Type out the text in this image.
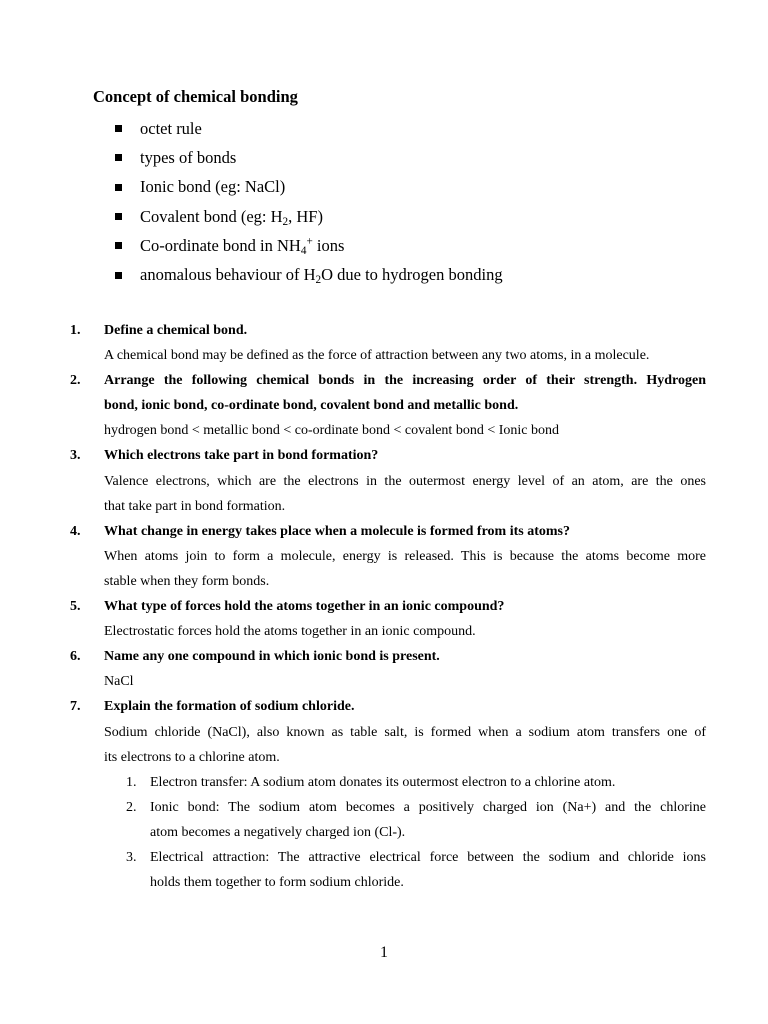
Concept of chemical bonding
octet rule
types of bonds
Ionic bond (eg: NaCl)
Covalent bond (eg: $H_2$, HF)
Co-ordinate bond in $NH_4^+$ ions
anomalous behaviour of $H_2O$ due to hydrogen bonding
1. Define a chemical bond.
A chemical bond may be defined as the force of attraction between any two atoms, in a molecule.
2. Arrange the following chemical bonds in the increasing order of their strength. Hydrogen
bond, ionic bond, co-ordinate bond, covalent bond and metallic bond.
hydrogen bond < metallic bond < co-ordinate bond < covalent bond < Ionic bond
3. Which electrons take part in bond formation?
Valence electrons, which are the electrons in the outermost energy level of an atom, are the ones
that take part in bond formation.
4. What change in energy takes place when a molecule is formed from its atoms?
When atoms join to form a molecule, energy is released. This is because the atoms become more
stable when they form bonds.
5. What type of forces hold the atoms together in an ionic compound?
Electrostatic forces hold the atoms together in an ionic compound.
6. Name any one compound in which ionic bond is present.
NaCl
7. Explain the formation of sodium chloride.
Sodium chloride (NaCl), also known as table salt, is formed when a sodium atom transfers one of
its electrons to a chlorine atom.
1. Electron transfer: A sodium atom donates its outermost electron to a chlorine atom.
2. Ionic bond: The sodium atom becomes a positively charged ion (Na+) and the chlorine
atom becomes a negatively charged ion (Cl-).
3. Electrical attraction: The attractive electrical force between the sodium and chloride ions
holds them together to form sodium chloride.
1
